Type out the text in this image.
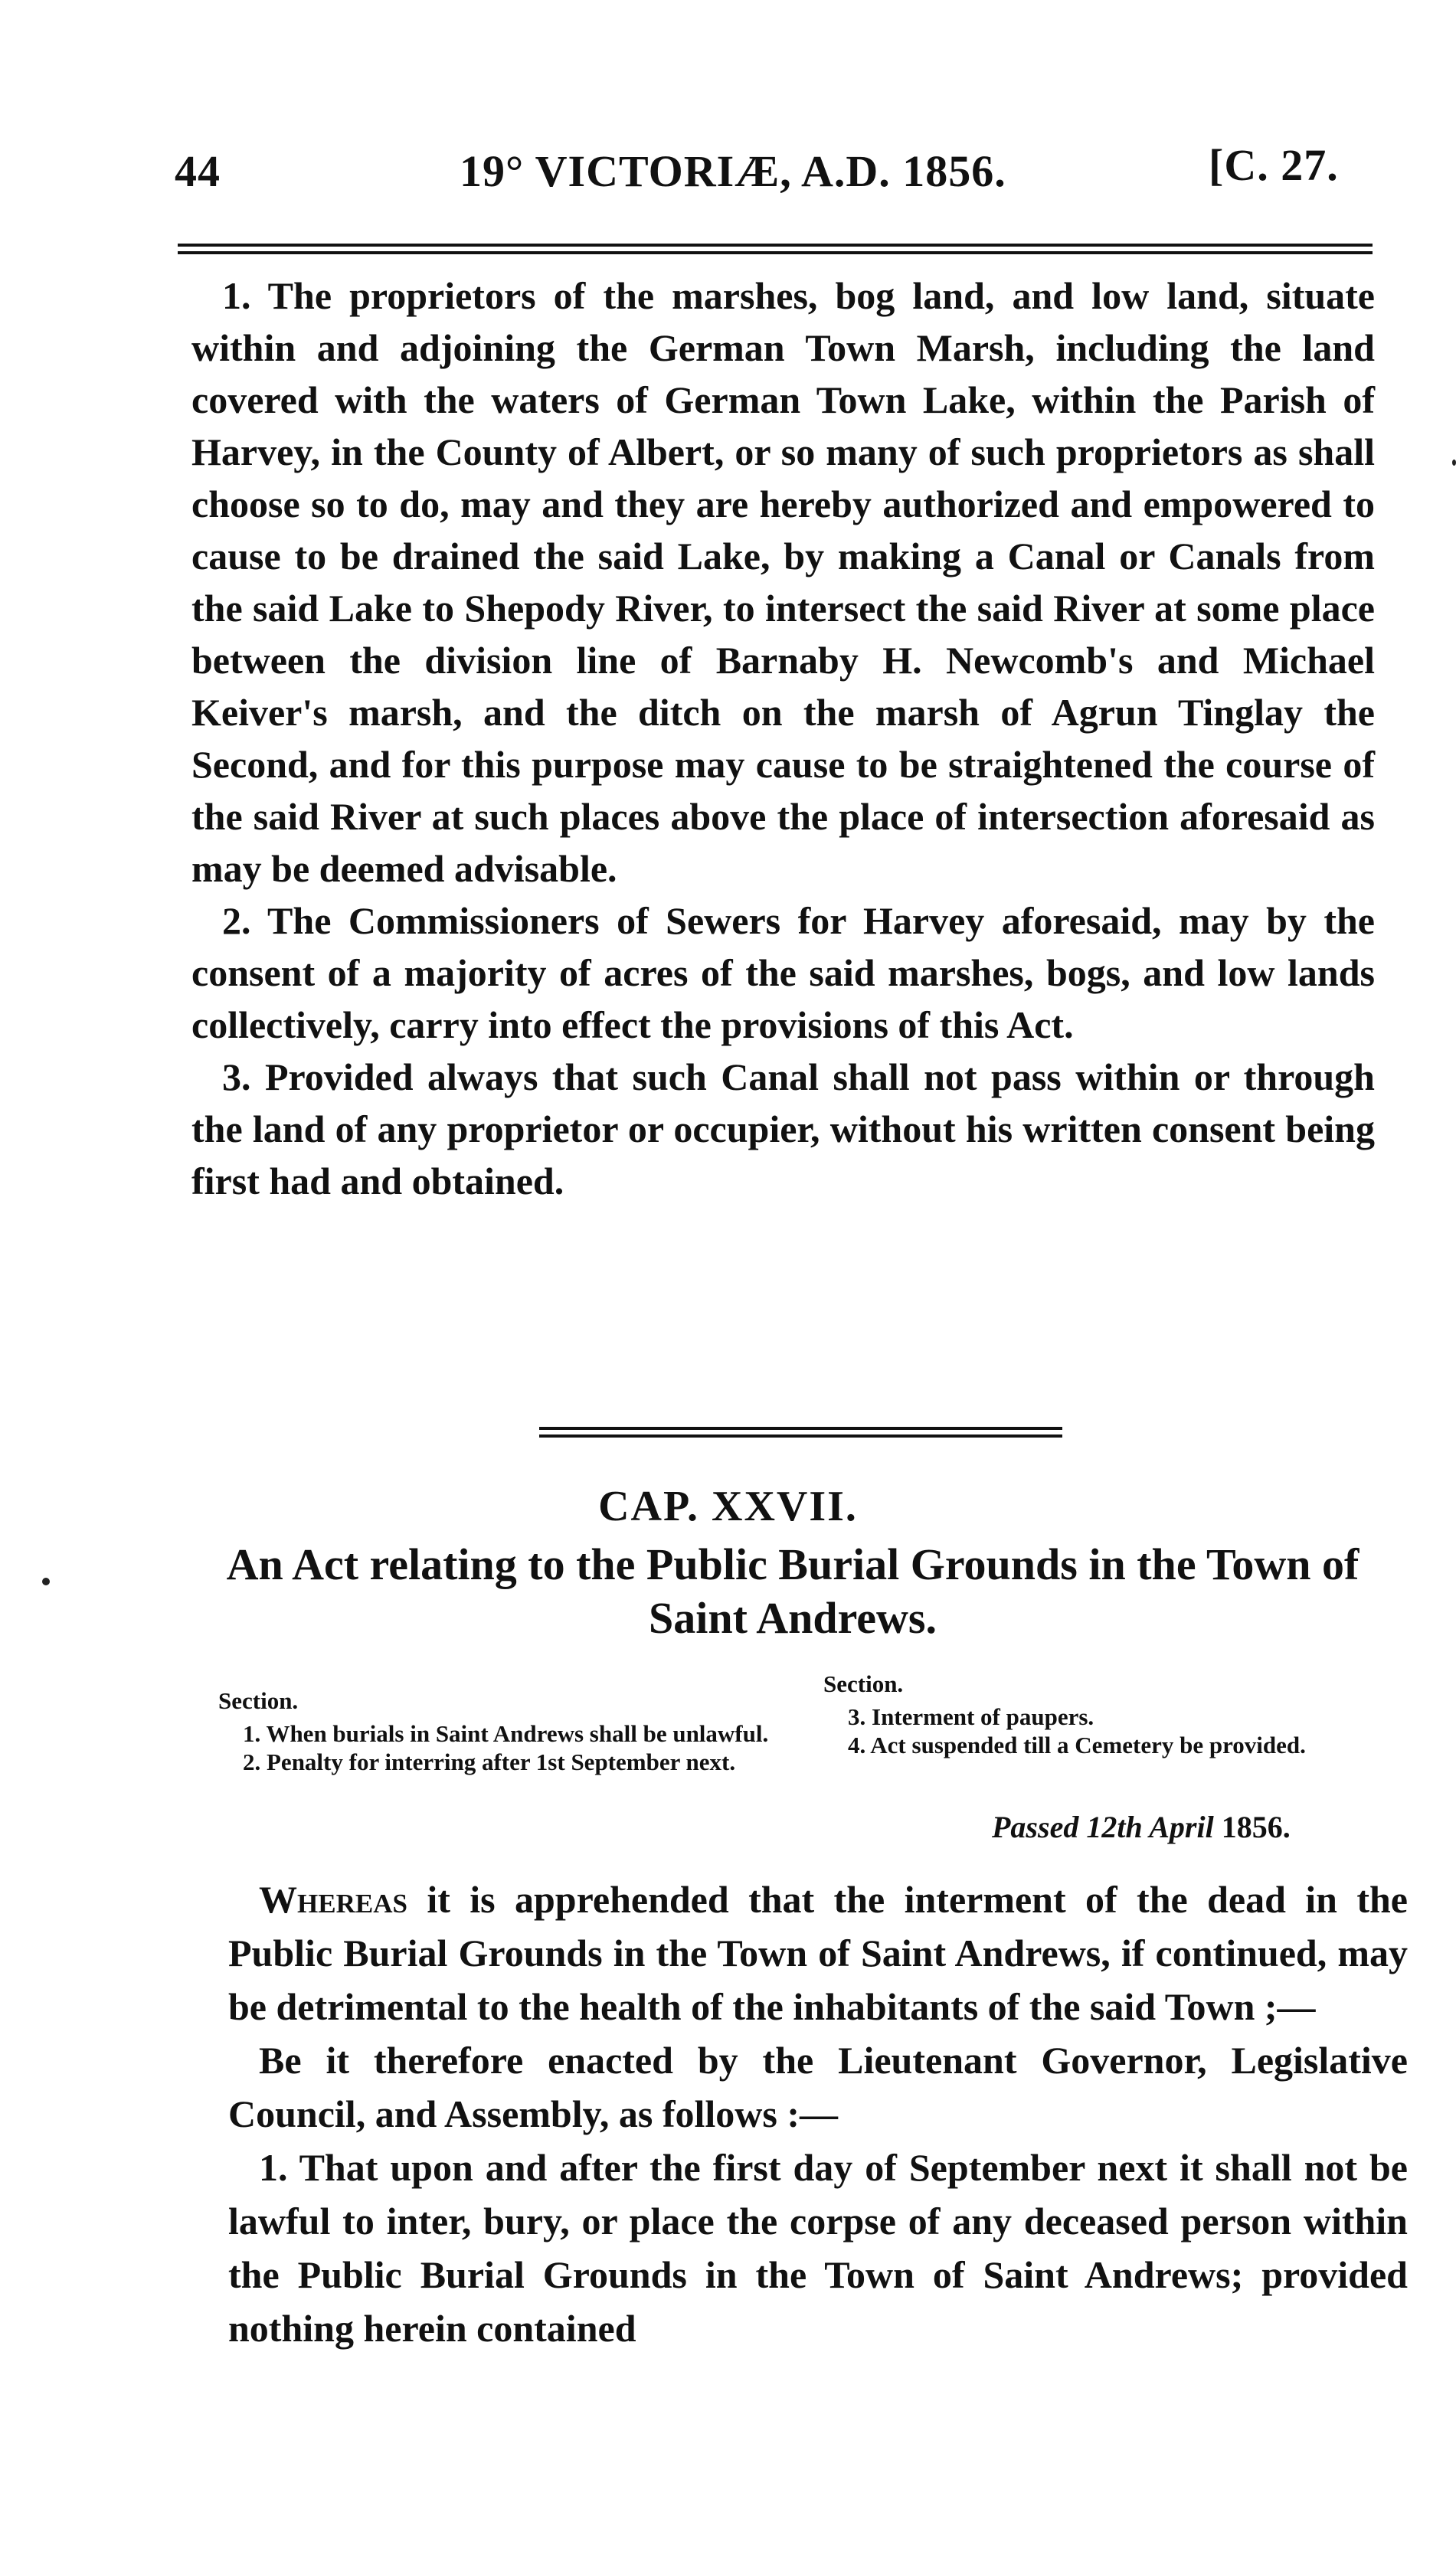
44	19° VICTORIÆ, A.D. 1856.	[C. 27.

1. The proprietors of the marshes, bog land, and low land, situate within and adjoining the German Town Marsh, including the land covered with the waters of German Town Lake, within the Parish of Harvey, in the County of Albert, or so many of such proprietors as shall choose so to do, may and they are hereby authorized and empowered to cause to be drained the said Lake, by making a Canal or Canals from the said Lake to Shepody River, to intersect the said River at some place between the division line of Barnaby H. Newcomb's and Michael Keiver's marsh, and the ditch on the marsh of Agrun Tinglay the Second, and for this purpose may cause to be straightened the course of the said River at such places above the place of intersection aforesaid as may be deemed advisable.

2. The Commissioners of Sewers for Harvey aforesaid, may by the consent of a majority of acres of the said marshes, bogs, and low lands collectively, carry into effect the provisions of this Act.

3. Provided always that such Canal shall not pass within or through the land of any proprietor or occupier, without his written consent being first had and obtained.

CAP. XXVII.
An Act relating to the Public Burial Grounds in the Town of Saint Andrews.
Section.
1. When burials in Saint Andrews shall be unlawful.
2. Penalty for interring after 1st September next.
Section.
3. Interment of paupers.
4. Act suspended till a Cemetery be provided.
Passed 12th April 1856.

Whereas it is apprehended that the interment of the dead in the Public Burial Grounds in the Town of Saint Andrews, if continued, may be detrimental to the health of the inhabitants of the said Town ;—

Be it therefore enacted by the Lieutenant Governor, Legislative Council, and Assembly, as follows :—

1. That upon and after the first day of September next it shall not be lawful to inter, bury, or place the corpse of any deceased person within the Public Burial Grounds in the Town of Saint Andrews; provided nothing herein contained
